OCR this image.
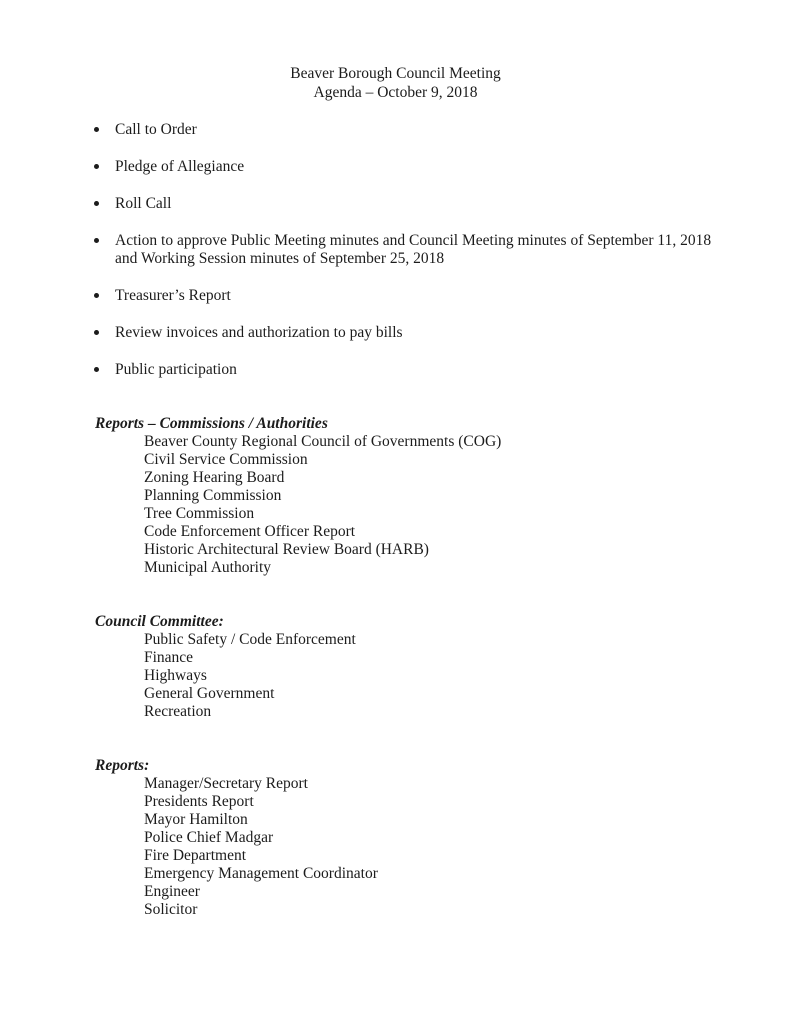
Beaver Borough Council Meeting
Agenda – October 9, 2018
Call to Order
Pledge of Allegiance
Roll Call
Action to approve Public Meeting minutes and Council Meeting minutes of September 11, 2018 and Working Session minutes of September 25, 2018
Treasurer’s Report
Review invoices and authorization to pay bills
Public participation
Reports – Commissions / Authorities
Beaver County Regional Council of Governments (COG)
Civil Service Commission
Zoning Hearing Board
Planning Commission
Tree Commission
Code Enforcement Officer Report
Historic Architectural Review Board (HARB)
Municipal Authority
Council Committee:
Public Safety / Code Enforcement
Finance
Highways
General Government
Recreation
Reports:
Manager/Secretary Report
Presidents Report
Mayor Hamilton
Police Chief Madgar
Fire Department
Emergency Management Coordinator
Engineer
Solicitor
